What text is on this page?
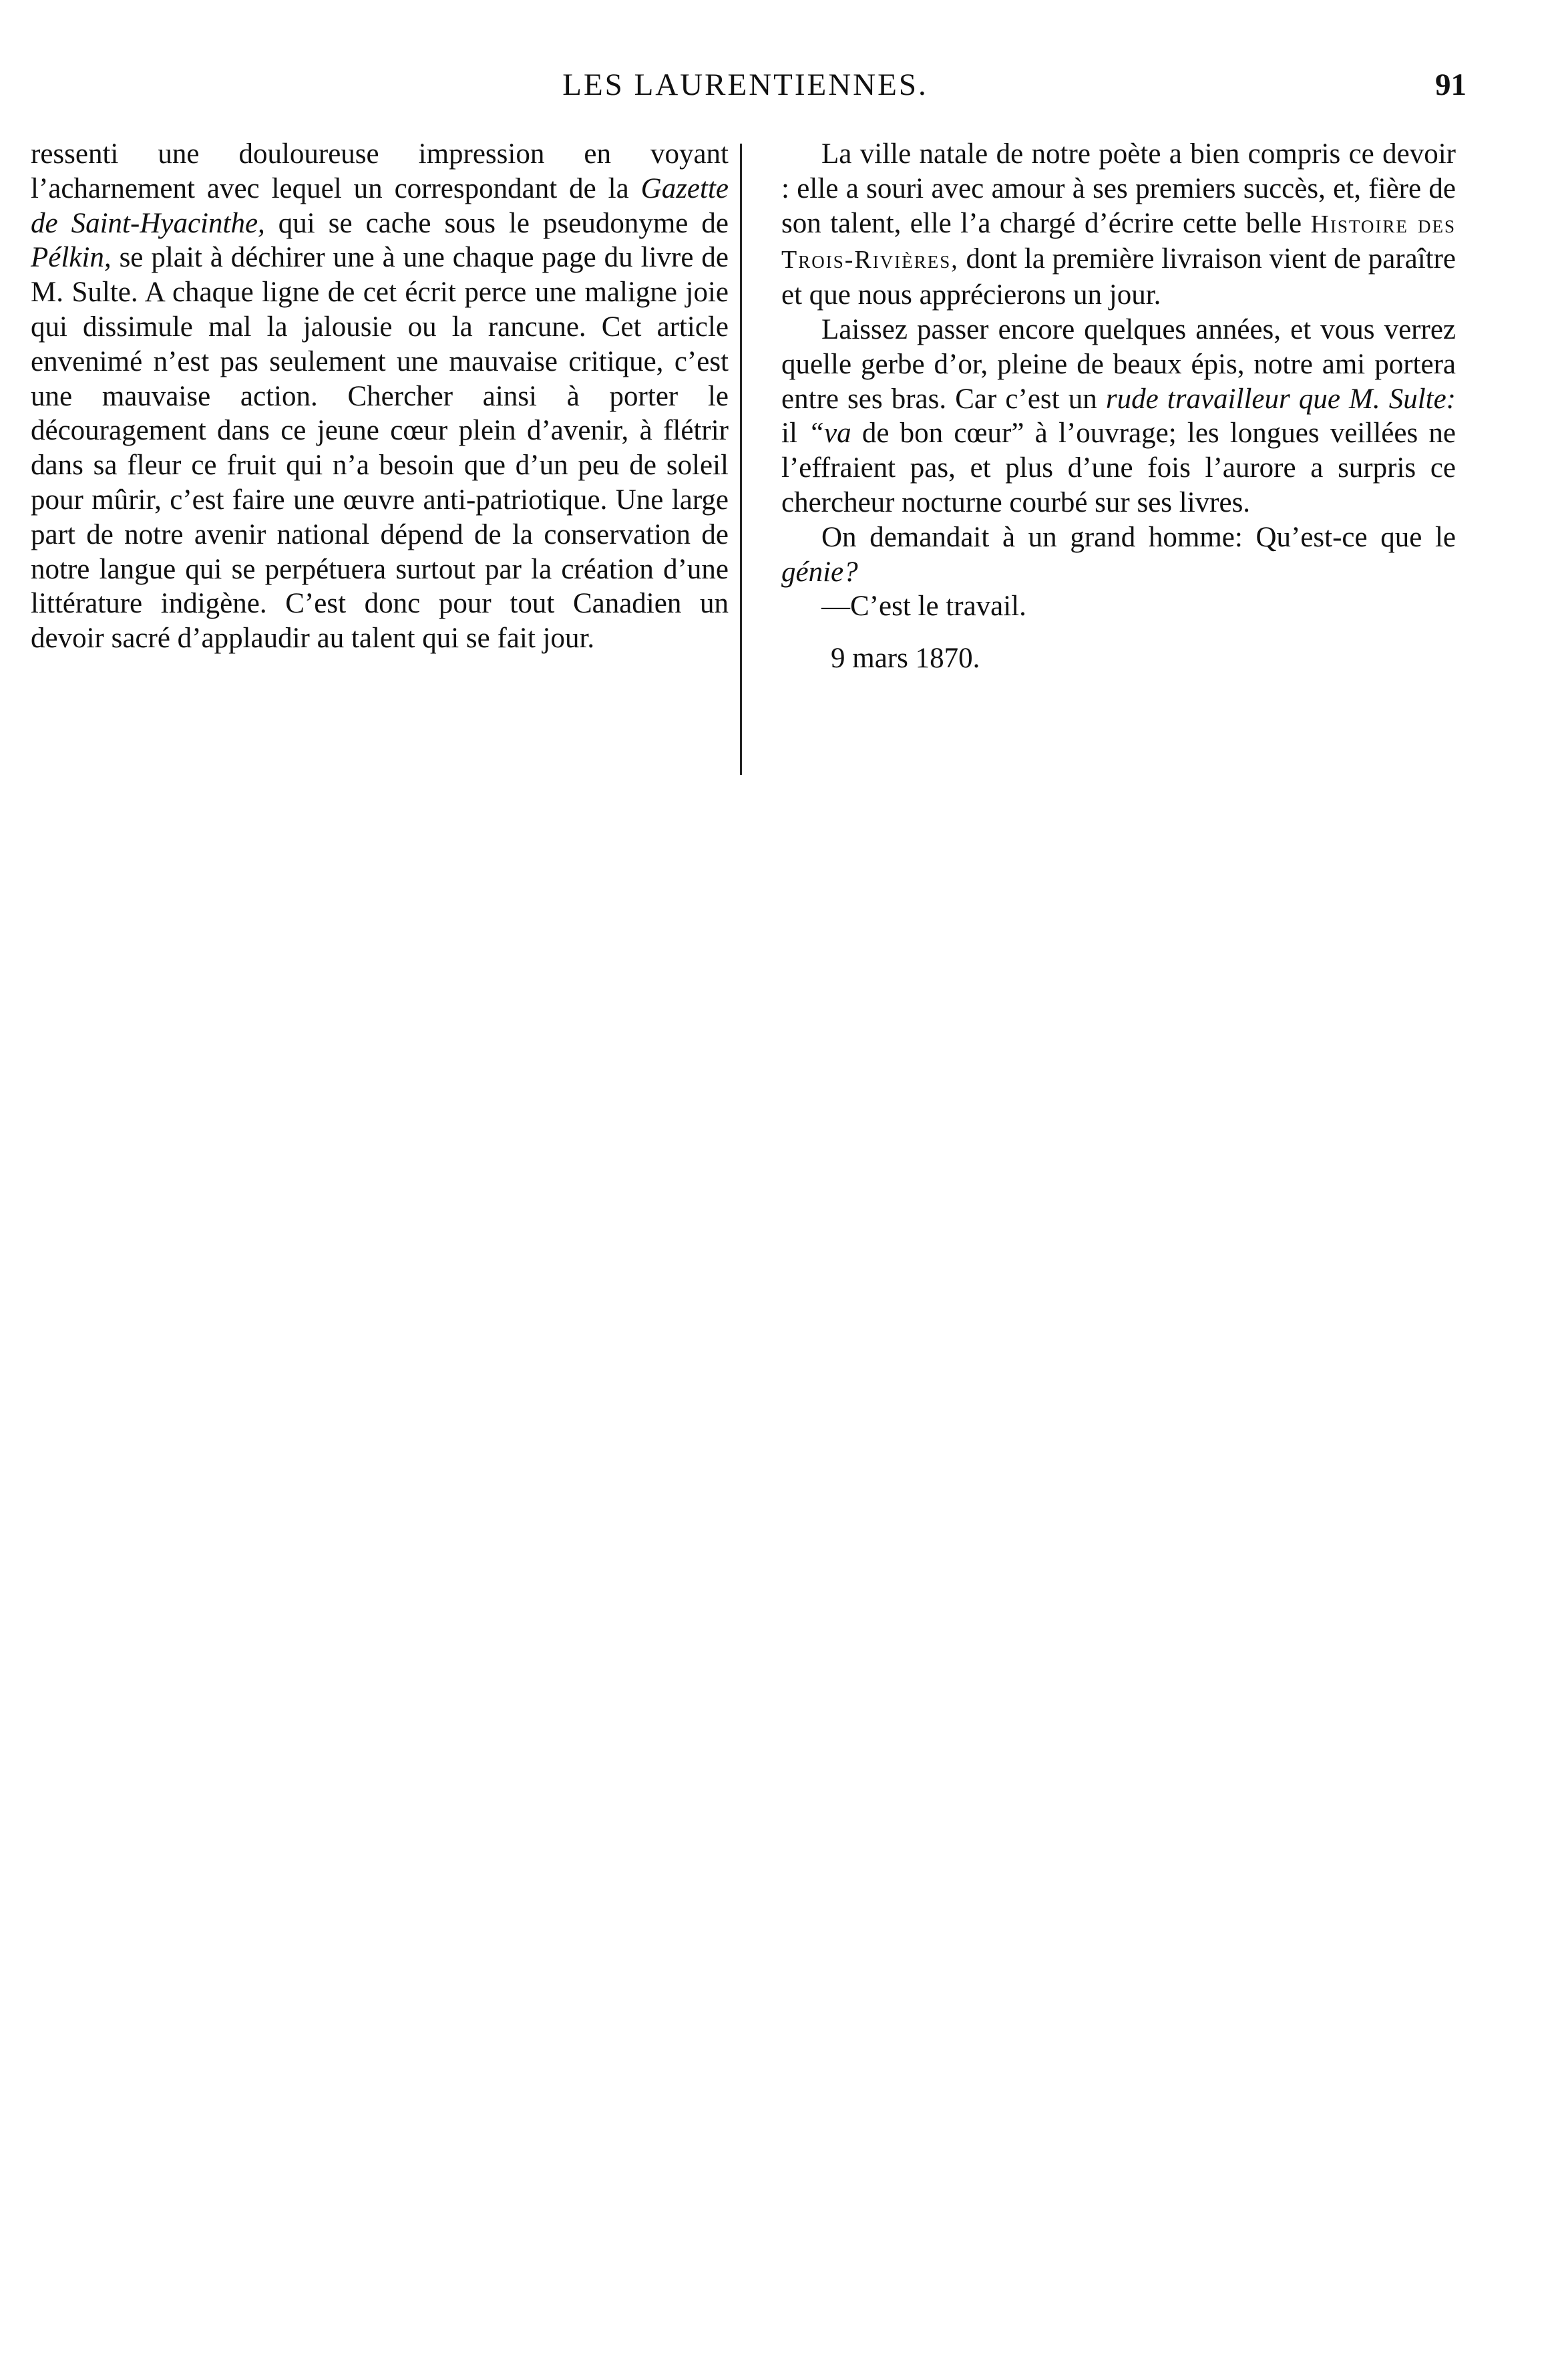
LES LAURENTIENNES.	91

ressenti une douloureuse impression en voyant l’acharnement avec lequel un correspondant de la Gazette de Saint-Hyacinthe, qui se cache sous le pseudonyme de Pélkin, se plait à déchirer une à une chaque page du livre de M. Sulte. A chaque ligne de cet écrit perce une maligne joie qui dissimule mal la jalousie ou la rancune. Cet article envenimé n’est pas seulement une mauvaise critique, c’est une mauvaise action. Chercher ainsi à porter le découragement dans ce jeune cœur plein d’avenir, à flétrir dans sa fleur ce fruit qui n’a besoin que d’un peu de soleil pour mûrir, c’est faire une œuvre anti-patriotique. Une large part de notre avenir national dépend de la conservation de notre langue qui se perpétuera surtout par la création d’une littérature indigène. C’est donc pour tout Canadien un devoir sacré d’applaudir au talent qui se fait jour.

La ville natale de notre poète a bien compris ce devoir : elle a souri avec amour à ses premiers succès, et, fière de son talent, elle l’a chargé d’écrire cette belle Histoire des Trois-Rivières, dont la première livraison vient de paraître et que nous apprécierons un jour.

Laissez passer encore quelques années, et vous verrez quelle gerbe d’or, pleine de beaux épis, notre ami portera entre ses bras. Car c’est un rude travailleur que M. Sulte: il “va de bon cœur” à l’ouvrage; les longues veillées ne l’effraient pas, et plus d’une fois l’aurore a surpris ce chercheur nocturne courbé sur ses livres.

On demandait à un grand homme: Qu’est-ce que le génie?

—C’est le travail.

9 mars 1870.
